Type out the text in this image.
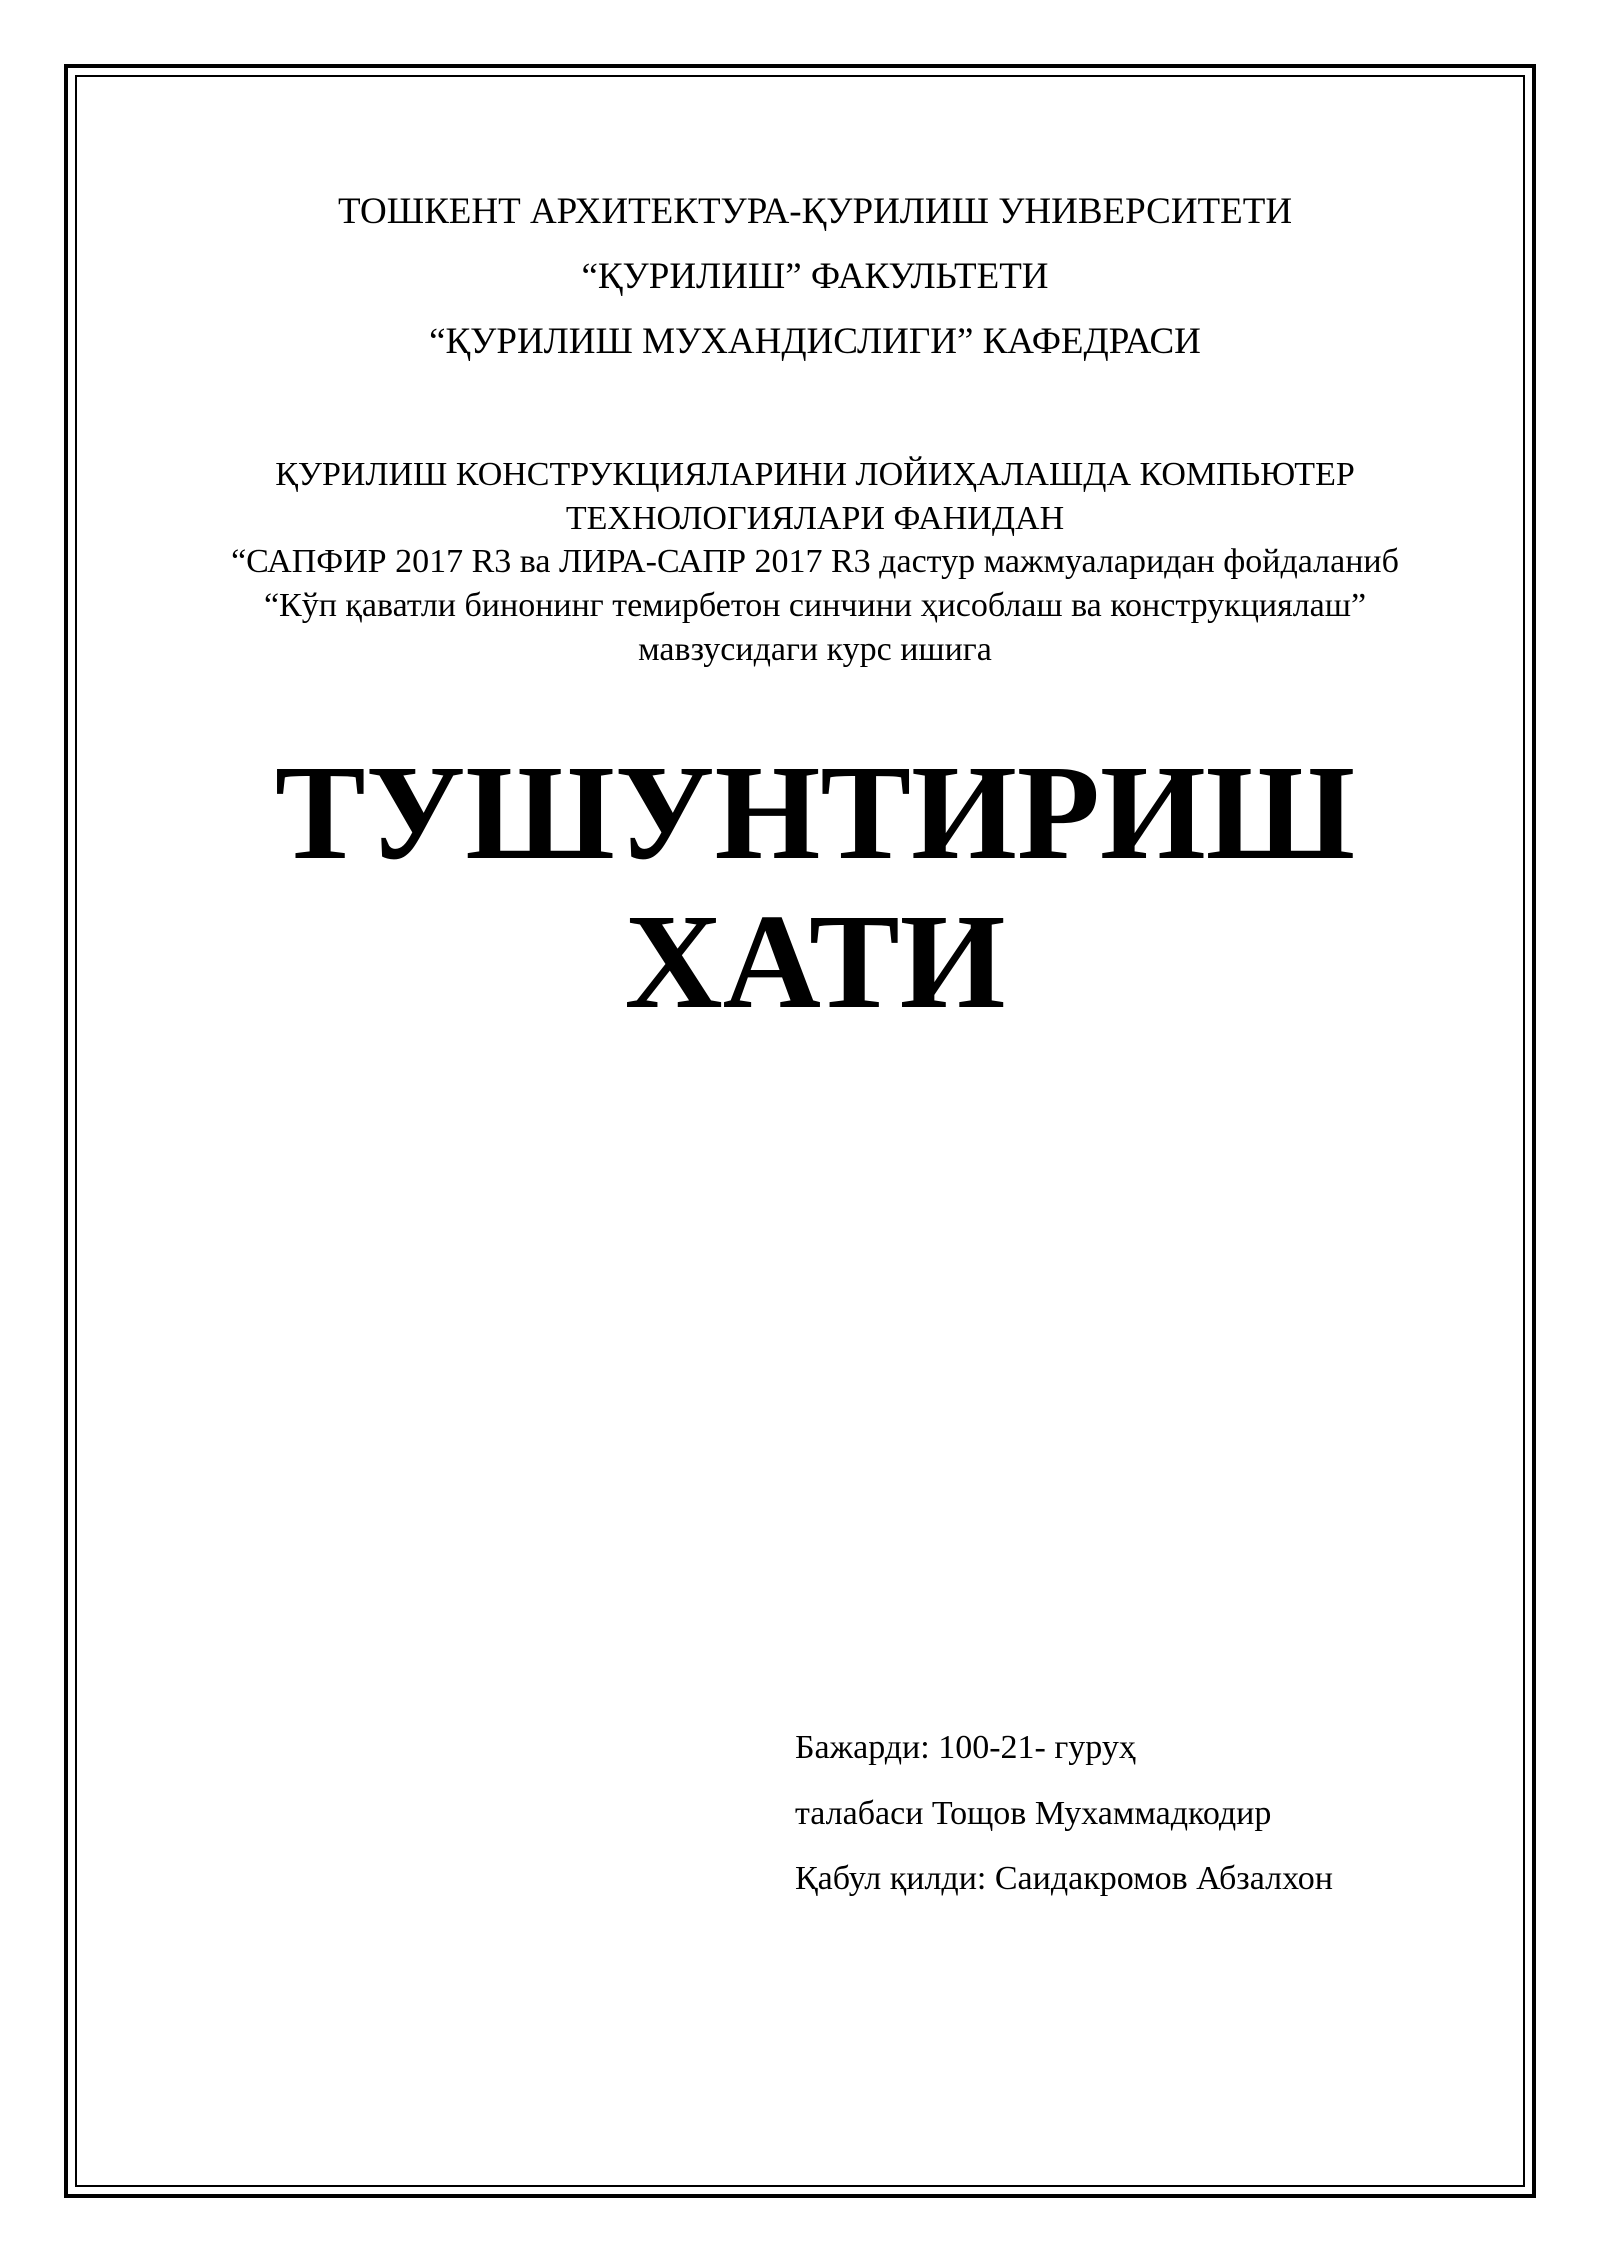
ТОШКЕНТ АРХИТЕКТУРА-ҚУРИЛИШ УНИВЕРСИТЕТИ
“ҚУРИЛИШ” ФАКУЛЬТЕТИ
“ҚУРИЛИШ МУХАНДИСЛИГИ” КАФЕДРАСИ
ҚУРИЛИШ КОНСТРУКЦИЯЛАРИНИ ЛОЙИҲАЛАШДА КОМПЬЮТЕР
ТЕХНОЛОГИЯЛАРИ ФАНИДАН
“САПФИР 2017 R3 ва ЛИРА-САПР 2017 R3 дастур мажмуаларидан фойдаланиб
“Кўп қаватли бинонинг темирбетон синчини ҳисоблаш ва конструкциялаш”
мавзусидаги курс ишига
ТУШУНТИРИШ
ХАТИ
Бажарди: 100-21- гуруҳ
талабаси Тощов Мухаммадкодир
Қабул қилди: Саидакромов Абзалхон
